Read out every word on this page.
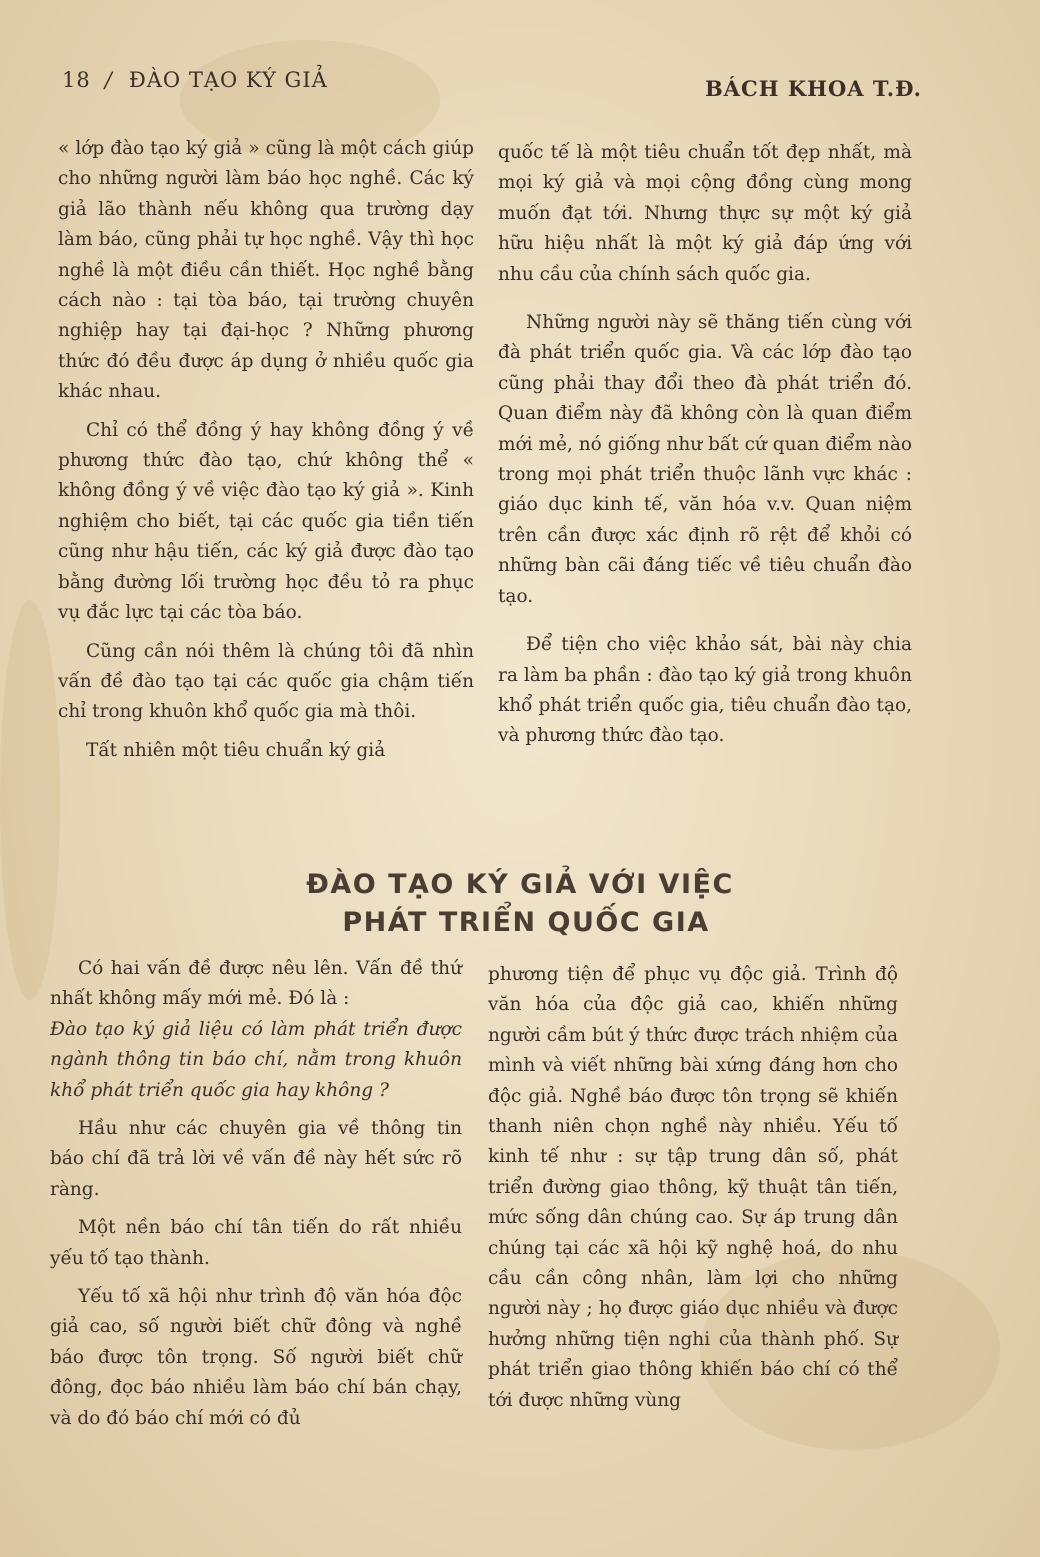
18 / ĐÀO TẠO KÝ GIẢ	BÁCH KHOA T.Đ.

« lớp đào tạo ký giả » cũng là một cách giúp cho những người làm báo học nghề. Các ký giả lão thành nếu không qua trường dạy làm báo, cũng phải tự học nghề. Vậy thì học nghề là một điều cần thiết. Học nghề bằng cách nào : tại tòa báo, tại trường chuyên nghiệp hay tại đại-học ? Những phương thức đó đều được áp dụng ở nhiều quốc gia khác nhau.

Chỉ có thể đồng ý hay không đồng ý về phương thức đào tạo, chứ không thể « không đồng ý về việc đào tạo ký giả ». Kinh nghiệm cho biết, tại các quốc gia tiền tiến cũng như hậu tiến, các ký giả được đào tạo bằng đường lối trường học đều tỏ ra phục vụ đắc lực tại các tòa báo.

Cũng cần nói thêm là chúng tôi đã nhìn vấn đề đào tạo tại các quốc gia chậm tiến chỉ trong khuôn khổ quốc gia mà thôi.

Tất nhiên một tiêu chuẩn ký giả

quốc tế là một tiêu chuẩn tốt đẹp nhất, mà mọi ký giả và mọi cộng đồng cùng mong muốn đạt tới. Nhưng thực sự một ký giả hữu hiệu nhất là một ký giả đáp ứng với nhu cầu của chính sách quốc gia.

Những người này sẽ thăng tiến cùng với đà phát triển quốc gia. Và các lớp đào tạo cũng phải thay đổi theo đà phát triển đó. Quan điểm này đã không còn là quan điểm mới mẻ, nó giống như bất cứ quan điểm nào trong mọi phát triển thuộc lãnh vực khác : giáo dục kinh tế, văn hóa v.v. Quan niệm trên cần được xác định rõ rệt để khỏi có những bàn cãi đáng tiếc về tiêu chuẩn đào tạo.

Để tiện cho việc khảo sát, bài này chia ra làm ba phần : đào tạo ký giả trong khuôn khổ phát triển quốc gia, tiêu chuẩn đào tạo, và phương thức đào tạo.

ĐÀO TẠO KÝ GIẢ VỚI VIỆC
PHÁT TRIỂN QUỐC GIA

Có hai vấn đề được nêu lên. Vấn đề thứ nhất không mấy mới mẻ. Đó là :

Đào tạo ký giả liệu có làm phát triển được ngành thông tin báo chí, nằm trong khuôn khổ phát triển quốc gia hay không ?

Hầu như các chuyên gia về thông tin báo chí đã trả lời về vấn đề này hết sức rõ ràng.

Một nền báo chí tân tiến do rất nhiều yếu tố tạo thành.

Yếu tố xã hội như trình độ văn hóa độc giả cao, số người biết chữ đông và nghề báo được tôn trọng. Số người biết chữ đông, đọc báo nhiều làm báo chí bán chạy, và do đó báo chí mới có đủ

phương tiện để phục vụ độc giả. Trình độ văn hóa của độc giả cao, khiến những người cầm bút ý thức được trách nhiệm của mình và viết những bài xứng đáng hơn cho độc giả. Nghề báo được tôn trọng sẽ khiến thanh niên chọn nghề này nhiều. Yếu tố kinh tế như : sự tập trung dân số, phát triển đường giao thông, kỹ thuật tân tiến, mức sống dân chúng cao. Sự áp trung dân chúng tại các xã hội kỹ nghệ hoá, do nhu cầu cần công nhân, làm lợi cho những người này ; họ được giáo dục nhiều và được hưởng những tiện nghi của thành phố. Sự phát triển giao thông khiến báo chí có thể tới được những vùng
